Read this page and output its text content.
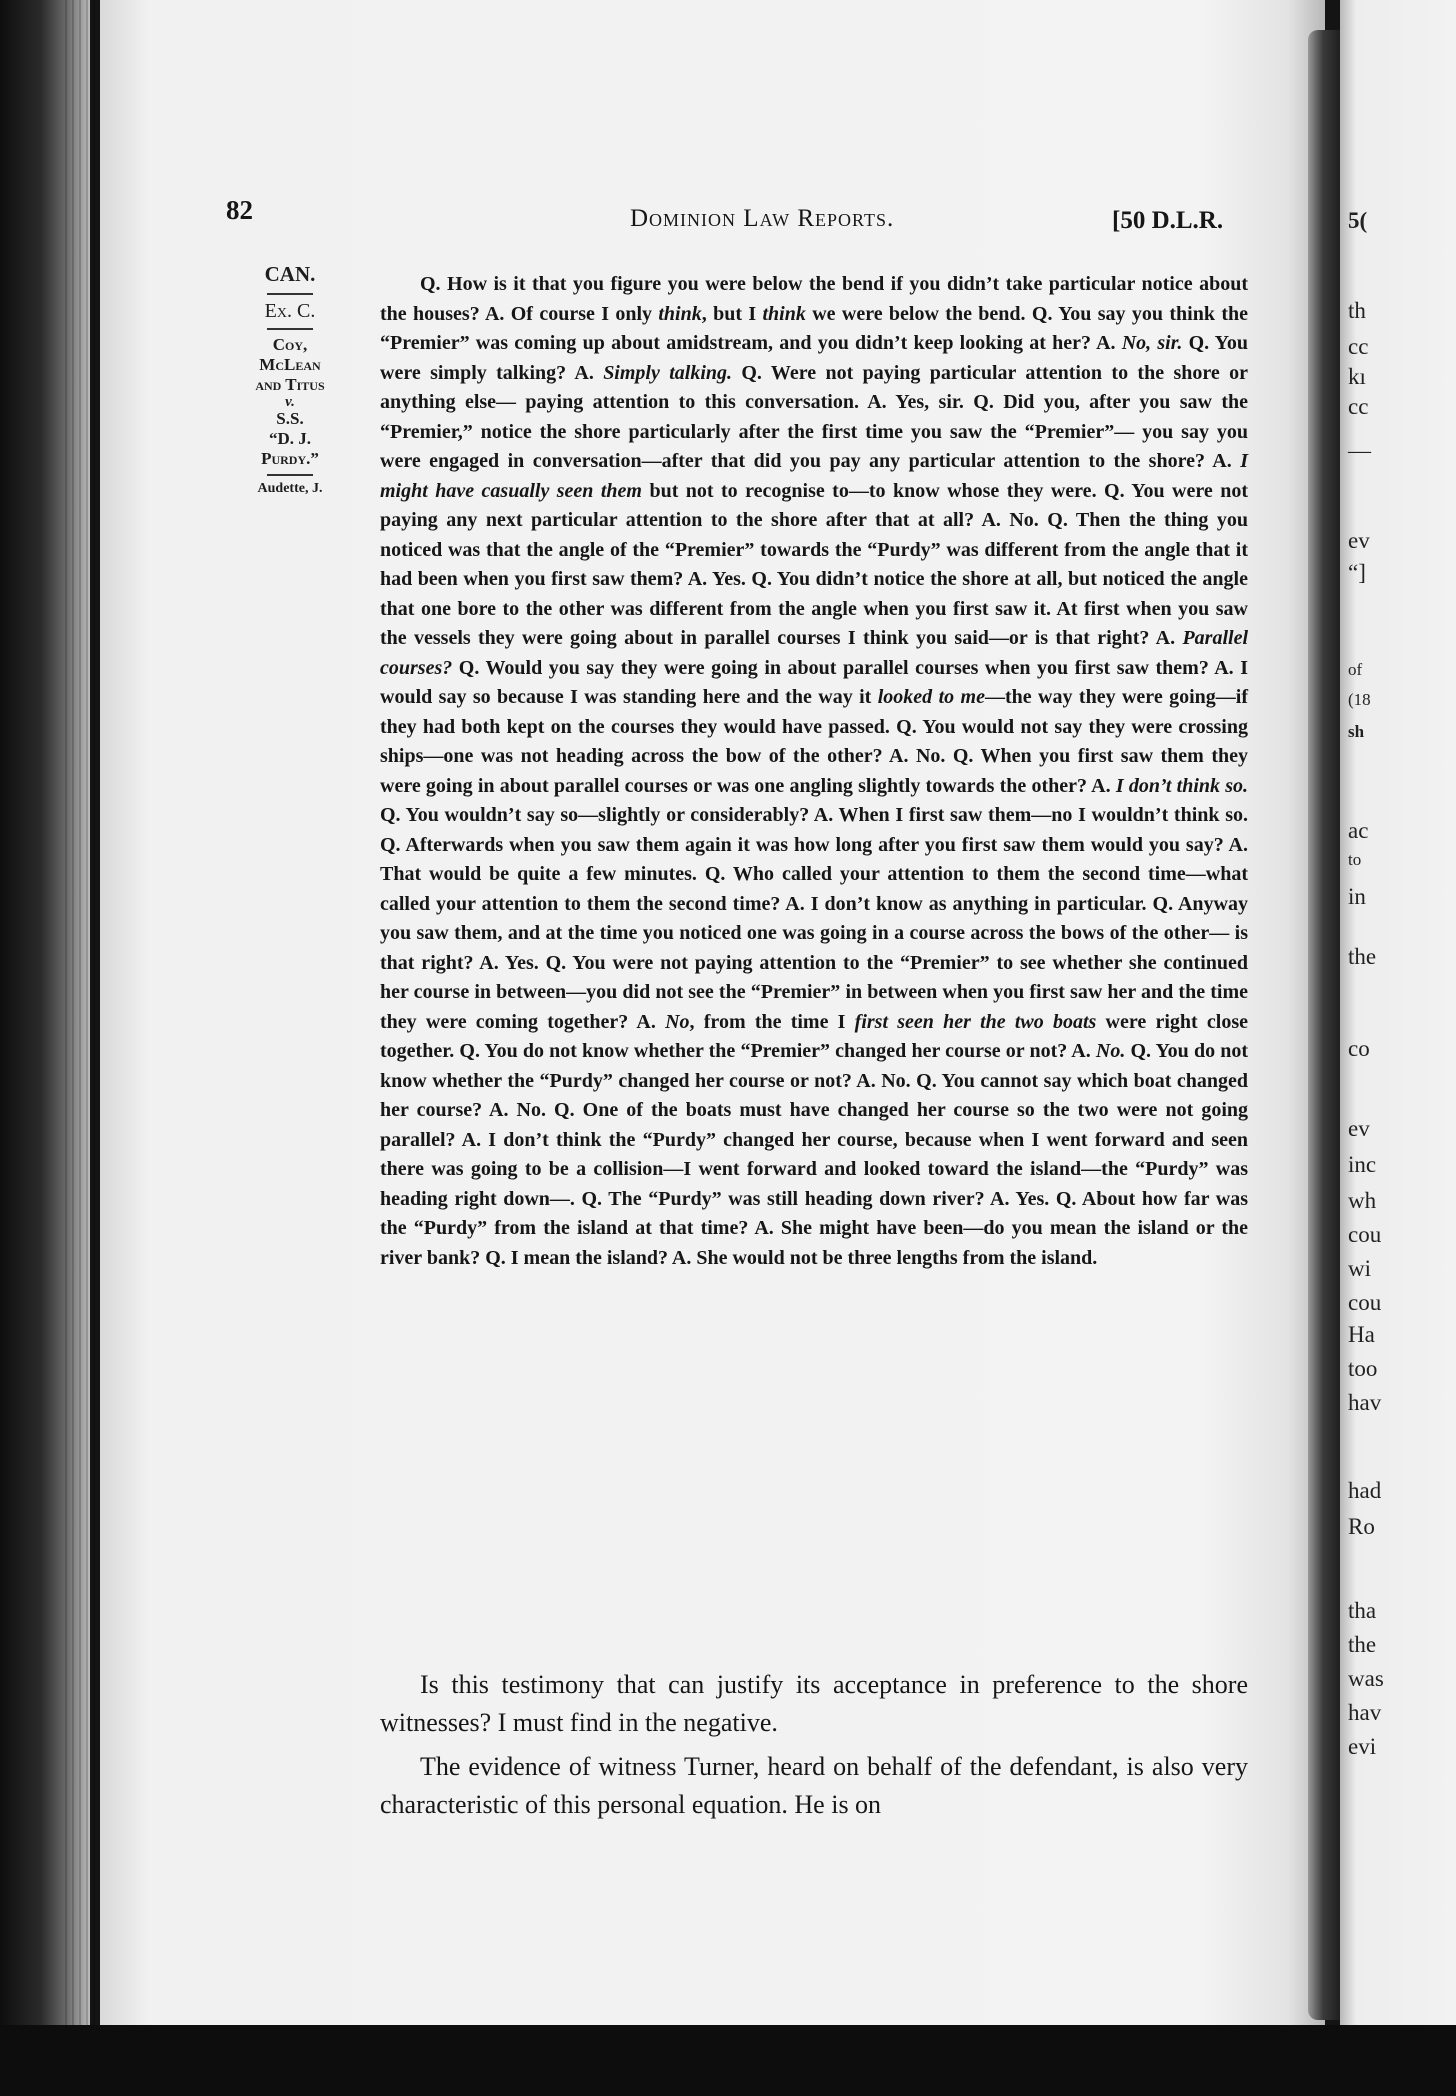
82	Dominion Law Reports.	[50 D.L.R.
CAN.
Ex. C.
Coy,
McLean
and Titus
v.
S.S.
“D. J.
Purdy.”
Audette, J.

Q. How is it that you figure you were below the bend if you didn’t take particular notice about the houses? A. Of course I only think, but I think we were below the bend. Q. You say you think the “Premier” was coming up about amidstream, and you didn’t keep looking at her? A. No, sir. Q. You were simply talking? A. Simply talking. Q. Were not paying particular attention to the shore or anything else— paying attention to this conversation. A. Yes, sir. Q. Did you, after you saw the “Premier,” notice the shore particularly after the first time you saw the “Premier”— you say you were engaged in conversation—after that did you pay any particular attention to the shore? A. I might have casually seen them but not to recognise to—to know whose they were. Q. You were not paying any next particular attention to the shore after that at all? A. No. Q. Then the thing you noticed was that the angle of the “Premier” towards the “Purdy” was different from the angle that it had been when you first saw them? A. Yes. Q. You didn’t notice the shore at all, but noticed the angle that one bore to the other was different from the angle when you first saw it. At first when you saw the vessels they were going about in parallel courses I think you said—or is that right? A. Parallel courses? Q. Would you say they were going in about parallel courses when you first saw them? A. I would say so because I was standing here and the way it looked to me—the way they were going—if they had both kept on the courses they would have passed. Q. You would not say they were crossing ships—one was not heading across the bow of the other? A. No. Q. When you first saw them they were going in about parallel courses or was one angling slightly towards the other? A. I don’t think so. Q. You wouldn’t say so—slightly or considerably? A. When I first saw them—no I wouldn’t think so. Q. Afterwards when you saw them again it was how long after you first saw them would you say? A. That would be quite a few minutes. Q. Who called your attention to them the second time—what called your attention to them the second time? A. I don’t know as anything in particular. Q. Anyway you saw them, and at the time you noticed one was going in a course across the bows of the other— is that right? A. Yes. Q. You were not paying attention to the “Premier” to see whether she continued her course in between—you did not see the “Premier” in between when you first saw her and the time they were coming together? A. No, from the time I first seen her the two boats were right close together. Q. You do not know whether the “Premier” changed her course or not? A. No. Q. You do not know whether the “Purdy” changed her course or not? A. No. Q. You cannot say which boat changed her course? A. No. Q. One of the boats must have changed her course so the two were not going parallel? A. I don’t think the “Purdy” changed her course, because when I went forward and seen there was going to be a collision—I went forward and looked toward the island—the “Purdy” was heading right down—. Q. The “Purdy” was still heading down river? A. Yes. Q. About how far was the “Purdy” from the island at that time? A. She might have been—do you mean the island or the river bank? Q. I mean the island? A. She would not be three lengths from the island.

Is this testimony that can justify its acceptance in preference to the shore witnesses? I must find in the negative.

The evidence of witness Turner, heard on behalf of the defendant, is also very characteristic of this personal equation. He is on

5(
th
cc
kı
cc
—
ev
“]
of
(18
sh
ac
to
in
the
co
ev
inc
wh
cou
wi
cou
Ha
too
hav
had
Ro
tha
the
was
hav
evi
